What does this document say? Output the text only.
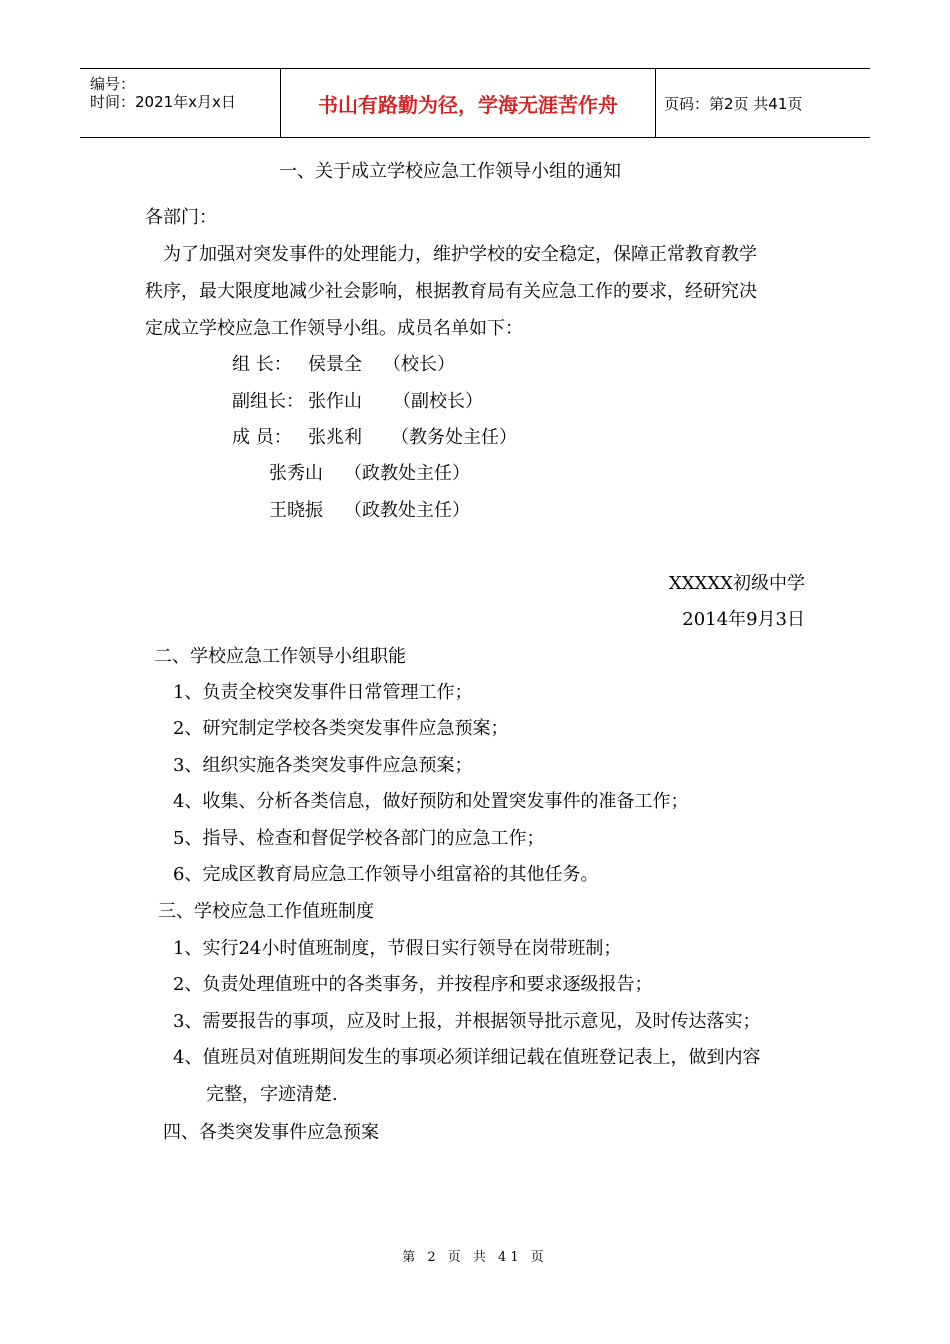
编号：
时间：2021年x月x日	书山有路勤为径，学海无涯苦作舟	页码：第2页 共41页
一、关于成立学校应急工作领导小组的通知
各部门：
为了加强对突发事件的处理能力，维护学校的安全稳定，保障正常教育教学
秩序，最大限度地减少社会影响，根据教育局有关应急工作的要求，经研究决
定成立学校应急工作领导小组。成员名单如下：
组 长： 侯景全 （校长）
副组长： 张作山 （副校长）
成 员： 张兆利 （教务处主任）
张秀山 （政教处主任）
王晓振 （政教处主任）
XXXXX初级中学
2014年9月3日
二、学校应急工作领导小组职能
1、负责全校突发事件日常管理工作；
2、研究制定学校各类突发事件应急预案；
3、组织实施各类突发事件应急预案；
4、收集、分析各类信息，做好预防和处置突发事件的准备工作；
5、指导、检查和督促学校各部门的应急工作；
6、完成区教育局应急工作领导小组富裕的其他任务。
三、学校应急工作值班制度
1、实行24小时值班制度，节假日实行领导在岗带班制；
2、负责处理值班中的各类事务，并按程序和要求逐级报告；
3、需要报告的事项，应及时上报，并根据领导批示意见，及时传达落实；
4、值班员对值班期间发生的事项必须详细记载在值班登记表上，做到内容
完整，字迹清楚.
四、各类突发事件应急预案
第 2 页 共 41 页
